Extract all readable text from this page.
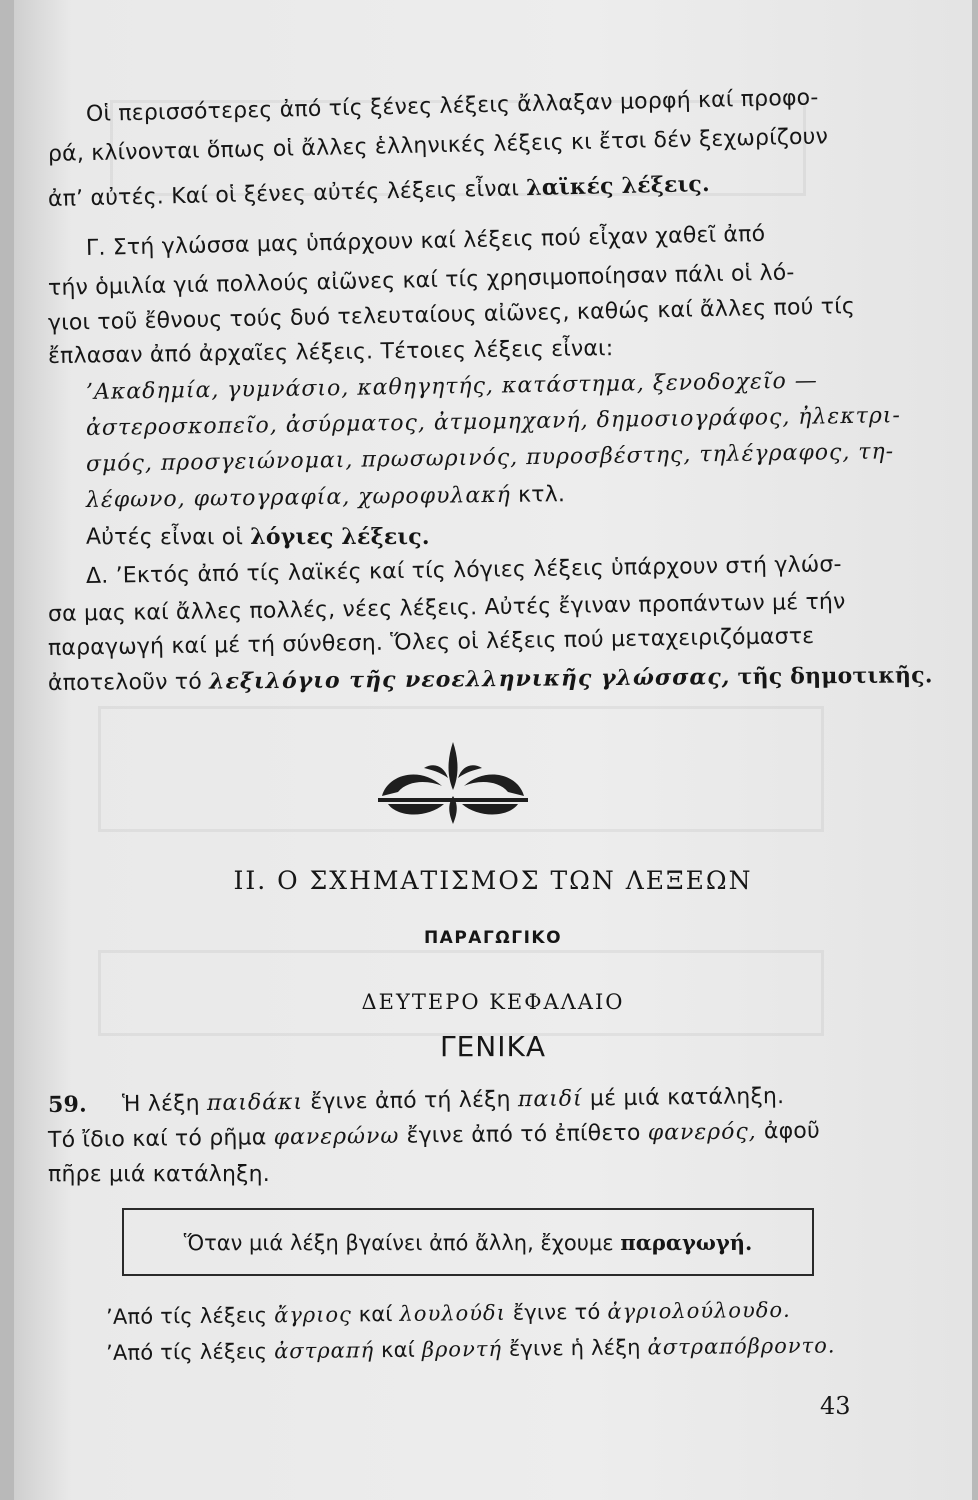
Οἱ περισσότερες ἀπό τίς ξένες λέξεις ἄλλαξαν μορφή καί προφο-

ρά, κλίνονται ὅπως οἱ ἄλλες ἑλληνικές λέξεις κι ἔτσι δέν ξεχωρίζουν

ἀπ’ αὐτές. Καί οἱ ξένες αὐτές λέξεις εἶναι λαϊκές λέξεις.

Γ. Στή γλώσσα μας ὑπάρχουν καί λέξεις πού εἶχαν χαθεῖ ἀπό

τήν ὁμιλία γιά πολλούς αἰῶνες καί τίς χρησιμοποίησαν πάλι οἱ λό-

γιοι τοῦ ἔθνους τούς δυό τελευταίους αἰῶνες, καθώς καί ἄλλες πού τίς

ἔπλασαν ἀπό ἀρχαῖες λέξεις. Τέτοιες λέξεις εἶναι:

’Ακαδημία, γυμνάσιο, καθηγητής, κατάστημα, ξενοδοχεῖο —

ἀστεροσκοπεῖο, ἀσύρματος, ἀτμομηχανή, δημοσιογράφος, ἠλεκτρι-

σμός, προσγειώνομαι, πρωσωρινός, πυροσβέστης, τηλέγραφος, τη-

λέφωνο, φωτογραφία, χωροφυλακή κτλ.

Αὐτές εἶναι οἱ λόγιες λέξεις.

Δ. ’Εκτός ἀπό τίς λαϊκές καί τίς λόγιες λέξεις ὑπάρχουν στή γλώσ-

σα μας καί ἄλλες πολλές, νέες λέξεις. Αὐτές ἔγιναν προπάντων μέ τήν

παραγωγή καί μέ τή σύνθεση. Ὅλες οἱ λέξεις πού μεταχειριζόμαστε

ἀποτελοῦν τό λεξιλόγιο τῆς νεοελληνικῆς γλώσσας, τῆς δημοτικῆς.

ΙΙ. Ο ΣΧΗΜΑΤΙΣΜΟΣ ΤΩΝ ΛΕΞΕΩΝ
ΠΑΡΑΓΩΓΙΚΟ
ΔΕΥΤΕΡΟ ΚΕΦΑΛΑΙΟ
ΓΕΝΙΚΑ

59. Ἡ λέξη παιδάκι ἔγινε ἀπό τή λέξη παιδί μέ μιά κατάληξη.

Τό ἴδιο καί τό ρῆμα φανερώνω ἔγινε ἀπό τό ἐπίθετο φανερός, ἀφοῦ

πῆρε μιά κατάληξη.

Ὅταν μιά λέξη βγαίνει ἀπό ἄλλη, ἔχουμε παραγωγή.

’Από τίς λέξεις ἄγριος καί λουλούδι ἔγινε τό ἀγριολούλουδο.

’Από τίς λέξεις ἀστραπή καί βροντή ἔγινε ἡ λέξη ἀστραπόβροντο.

43
